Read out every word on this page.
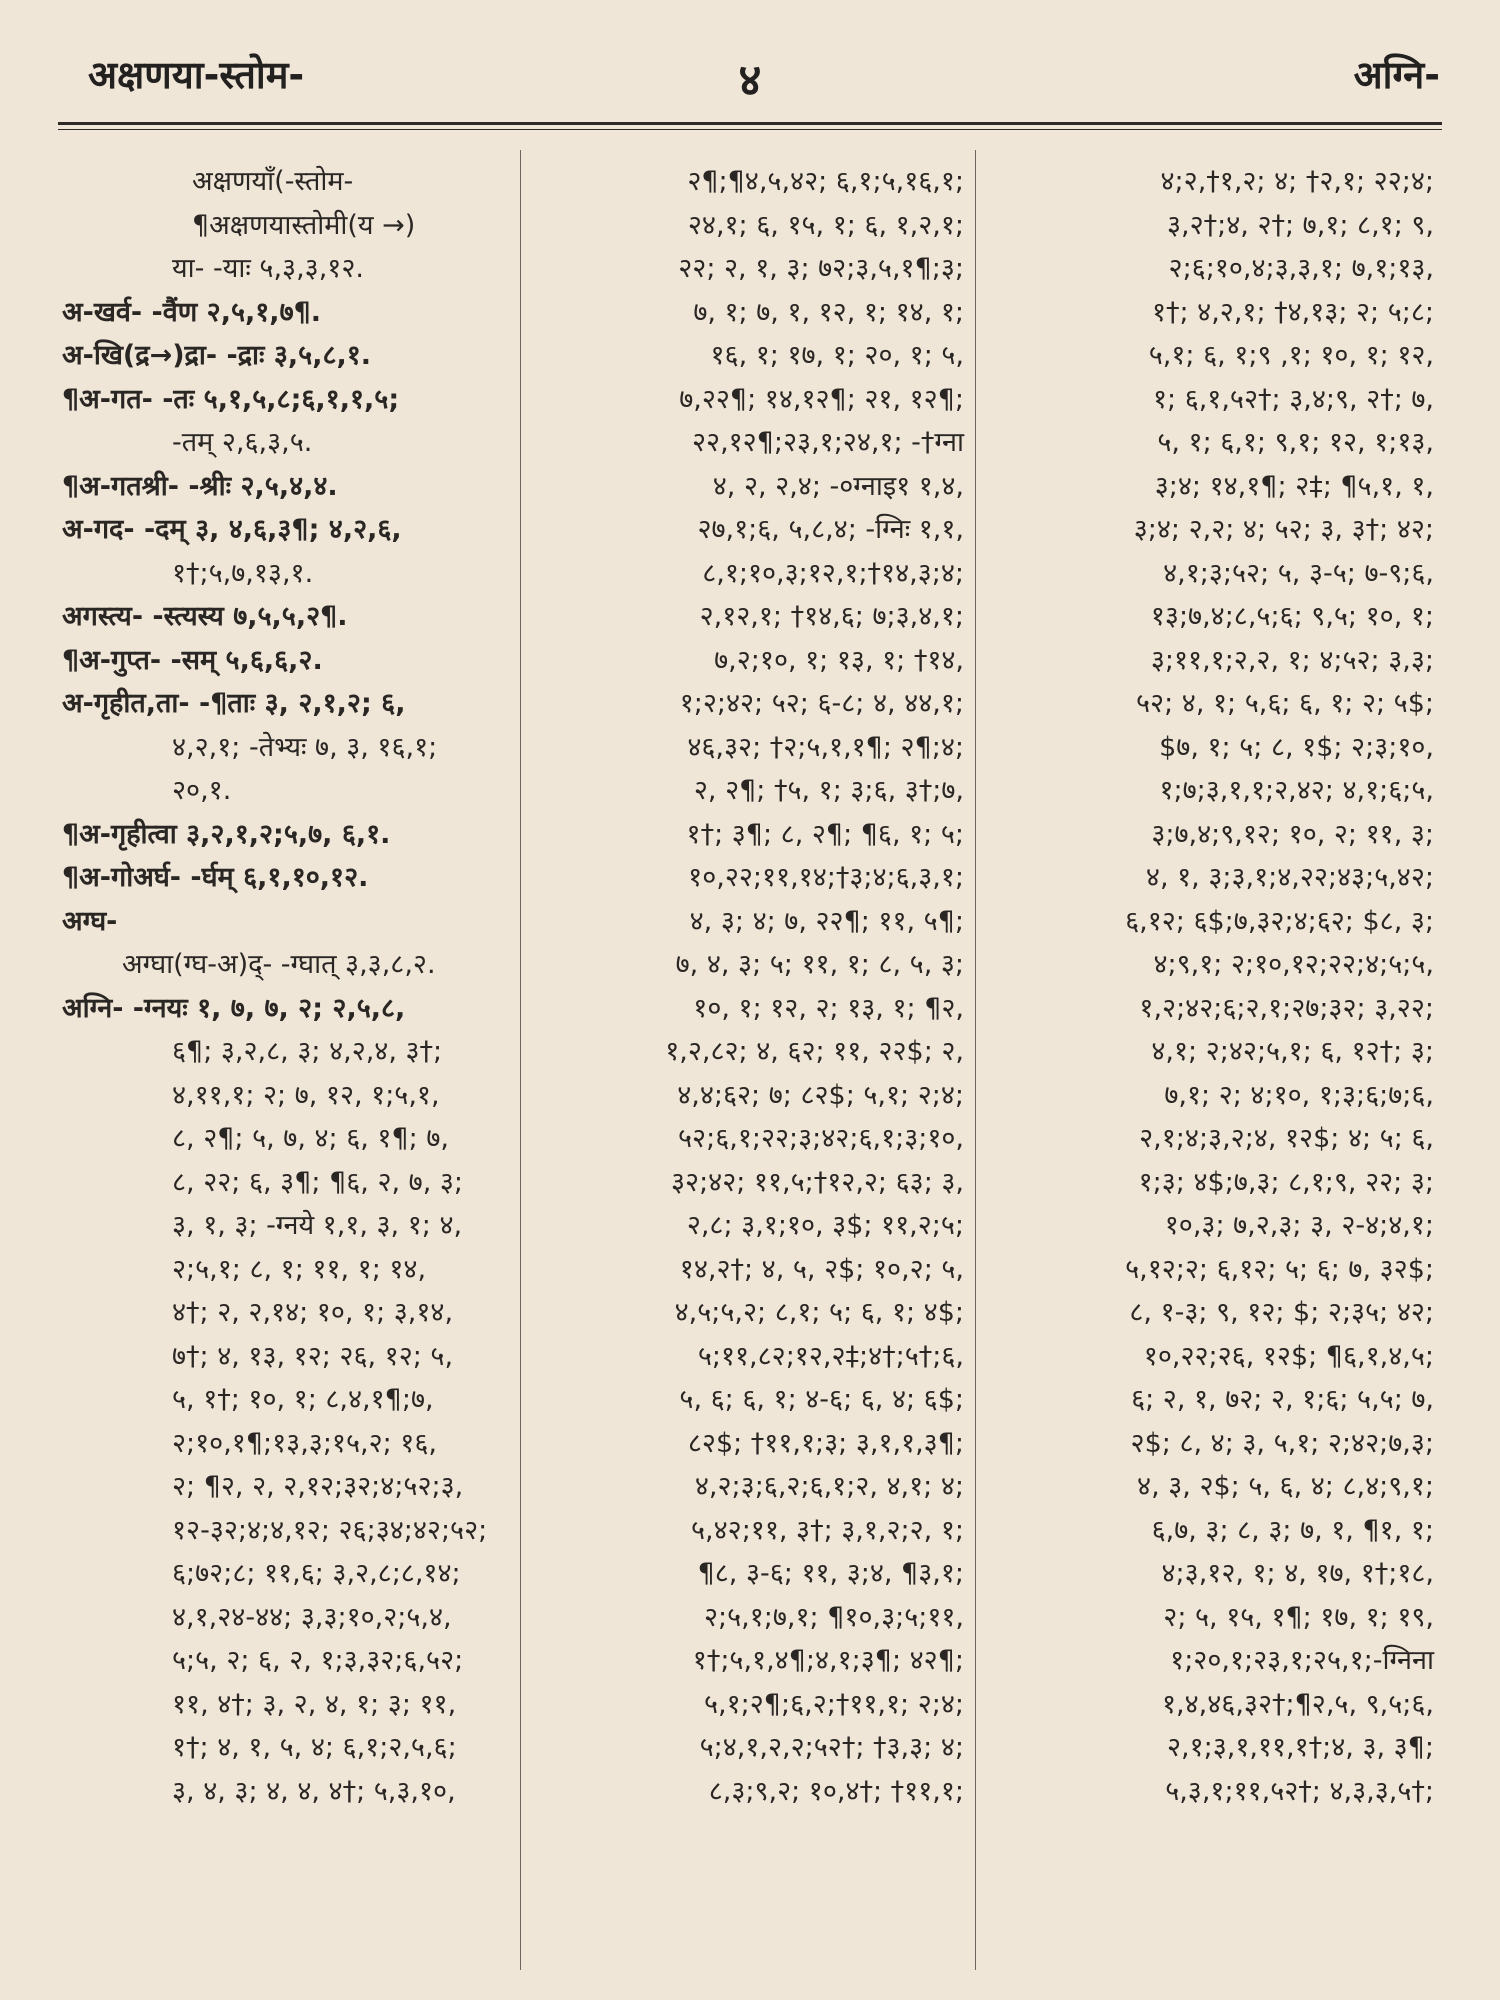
अक्षणया-स्तोम-	४	अग्नि-
अक्षणयाँ(-स्तोम-
¶अक्षणयास्तोमी(य →)
या- -याः ५,३,३,१२.
अ-खर्व- -वैंण २,५,१,७¶.
अ-खि(द्र→)द्रा- -द्राः ३,५,८,१.
¶अ-गत- -तः ५,१,५,८;६,१,१,५;
-तम् २,६,३,५.
¶अ-गतश्री- -श्रीः २,५,४,४.
अ-गद- -दम् ३, ४,६,३¶; ४,२,६,
१†;५,७,१३,१.
अगस्त्य- -स्त्यस्य ७,५,५,२¶.
¶अ-गुप्त- -सम् ५,६,६,२.
अ-गृहीत,ता- -¶ताः ३, २,१,२; ६,
४,२,१; -तेभ्यः ७, ३, १६,१;
२०,१.
¶अ-गृहीत्वा ३,२,१,२;५,७, ६,१.
¶अ-गोअर्घ- -र्घम् ६,१,१०,१२.
अग्घ-
अग्घा(ग्घ-अ)द्- -ग्घात् ३,३,८,२.
अग्नि- -ग्नयः १, ७, ७, २; २,५,८,
६¶; ३,२,८, ३; ४,२,४, ३†;
४,११,१; २; ७, १२, १;५,१,
८, २¶; ५, ७, ४; ६, १¶; ७,
८, २२; ६, ३¶; ¶६, २, ७, ३;
३, १, ३; -ग्नये १,१, ३, १; ४,
२;५,१; ८, १; ११, १; १४,
४†; २, २,१४; १०, १; ३,१४,
७†; ४, १३, १२; २६, १२; ५,
५, १†; १०, १; ८,४,१¶;७,
२;१०,१¶;१३,३;१५,२; १६,
२; ¶२, २, २,१२;३२;४;५२;३,
१२-३२;४;४,१२; २६;३४;४२;५२;
६;७२;८; ११,६; ३,२,८;८,१४;
४,१,२४-४४; ३,३;१०,२;५,४,
५;५, २; ६, २, १;३,३२;६,५२;
११, ४†; ३, २, ४, १; ३; ११,
१†; ४, १, ५, ४; ६,१;२,५,६;
३, ४, ३; ४, ४, ४†; ५,३,१०,
२¶;¶४,५,४२; ६,१;५,१६,१;
२४,१; ६, १५, १; ६, १,२,१;
२२; २, १, ३; ७२;३,५,१¶;३;
७, १; ७, १, १२, १; १४, १;
१६, १; १७, १; २०, १; ५,
७,२२¶; १४,१२¶; २१, १२¶;
२२,१२¶;२३,१;२४,१; -†ग्ना
४, २, २,४; -०ग्नाइ१ १,४,
२७,१;६, ५,८,४; -ग्निः १,१,
८,१;१०,३;१२,१;†१४,३;४;
२,१२,१; †१४,६; ७;३,४,१;
७,२;१०, १; १३, १; †१४,
१;२;४२; ५२; ६-८; ४, ४४,१;
४६,३२; †२;५,१,१¶; २¶;४;
२, २¶; †५, १; ३;६, ३†;७,
१†; ३¶; ८, २¶; ¶६, १; ५;
१०,२२;११,१४;†३;४;६,३,१;
४, ३; ४; ७, २२¶; ११, ५¶;
७, ४, ३; ५; ११, १; ८, ५, ३;
१०, १; १२, २; १३, १; ¶२,
१,२,८२; ४, ६२; ११, २२$; २,
४,४;६२; ७; ८२$; ५,१; २;४;
५२;६,१;२२;३;४२;६,१;३;१०,
३२;४२; ११,५;†१२,२; ६३; ३,
२,८; ३,१;१०, ३$; ११,२;५;
१४,२†; ४, ५, २$; १०,२; ५,
४,५;५,२; ८,१; ५; ६, १; ४$;
५;११,८२;१२,२‡;४†;५†;६,
५, ६; ६, १; ४-६; ६, ४; ६$;
८२$; †११,१;३; ३,१,१,३¶;
४,२;३;६,२;६,१;२, ४,१; ४;
५,४२;११, ३†; ३,१,२;२, १;
¶८, ३-६; ११, ३;४, ¶३,१;
२;५,१;७,१; ¶१०,३;५;११,
१†;५,१,४¶;४,१;३¶; ४२¶;
५,१;२¶;६,२;†११,१; २;४;
५;४,१,२,२;५२†; †३,३; ४;
८,३;९,२; १०,४†; †११,१;
४;२,†१,२; ४; †२,१; २२;४;
३,२†;४, २†; ७,१; ८,१; ९,
२;६;१०,४;३,३,१; ७,१;१३,
१†; ४,२,१; †४,१३; २; ५;८;
५,१; ६, १;९ ,१; १०, १; १२,
१; ६,१,५२†; ३,४;९, २†; ७,
५, १; ६,१; ९,१; १२, १;१३,
३;४; १४,१¶; २‡; ¶५,१, १,
३;४; २,२; ४; ५२; ३, ३†; ४२;
४,१;३;५२; ५, ३-५; ७-९;६,
१३;७,४;८,५;६; ९,५; १०, १;
३;११,१;२,२, १; ४;५२; ३,३;
५२; ४, १; ५,६; ६, १; २; ५$;
$७, १; ५; ८, १$; २;३;१०,
१;७;३,१,१;२,४२; ४,१;६;५,
३;७,४;९,१२; १०, २; ११, ३;
४, १, ३;३,१;४,२२;४३;५,४२;
६,१२; ६$;७,३२;४;६२; $८, ३;
४;९,१; २;१०,१२;२२;४;५;५,
१,२;४२;६;२,१;२७;३२; ३,२२;
४,१; २;४२;५,१; ६, १२†; ३;
७,१; २; ४;१०, १;३;६;७;६,
२,१;४;३,२;४, १२$; ४; ५; ६,
१;३; ४$;७,३; ८,१;९, २२; ३;
१०,३; ७,२,३; ३, २-४;४,१;
५,१२;२; ६,१२; ५; ६; ७, ३२$;
८, १-३; ९, १२; $; २;३५; ४२;
१०,२२;२६, १२$; ¶६,१,४,५;
६; २, १, ७२; २, १;६; ५,५; ७,
२$; ८, ४; ३, ५,१; २;४२;७,३;
४, ३, २$; ५, ६, ४; ८,४;९,१;
६,७, ३; ८, ३; ७, १, ¶१, १;
४;३,१२, १; ४, १७, १†;१८,
२; ५, १५, १¶; १७, १; १९,
१;२०,१;२३,१;२५,१;-ग्निना
१,४,४६,३२†;¶२,५, ९,५;६,
२,१;३,१,११,१†;४, ३, ३¶;
५,३,१;११,५२†; ४,३,३,५†;
